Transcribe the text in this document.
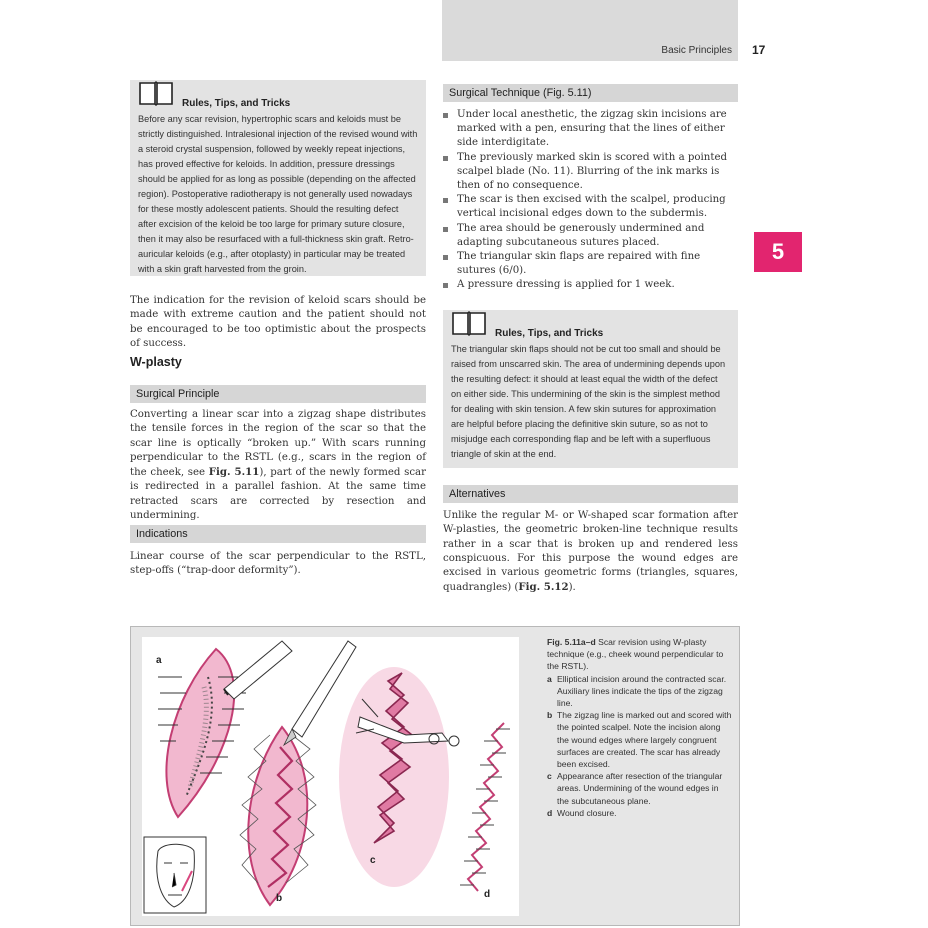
Basic Principles 17
5
Rules, Tips, and Tricks
Before any scar revision, hypertrophic scars and keloids must be strictly distinguished. Intralesional injection of the revised wound with a steroid crystal suspension, followed by weekly repeat injections, has proved effective for keloids. In addition, pressure dressings should be applied for as long as possible (depending on the affected region). Postoperative radiotherapy is not generally used nowadays for these mostly adolescent patients. Should the resulting defect after excision of the keloid be too large for primary suture closure, then it may also be resurfaced with a full-thickness skin graft. Retro-auricular keloids (e.g., after otoplasty) in particular may be treated with a skin graft harvested from the groin.
The indication for the revision of keloid scars should be made with extreme caution and the patient should not be encouraged to be too optimistic about the prospects of success.
W-plasty
Surgical Principle
Converting a linear scar into a zigzag shape distributes the tensile forces in the region of the scar so that the scar line is optically “broken up.” With scars running perpendicular to the RSTL (e.g., scars in the region of the cheek, see Fig. 5.11), part of the newly formed scar is redirected in a parallel fashion. At the same time retracted scars are corrected by resection and undermining.
Indications
Linear course of the scar perpendicular to the RSTL, step-offs (“trap-door deformity”).
Surgical Technique (Fig. 5.11)
Under local anesthetic, the zigzag skin incisions are marked with a pen, ensuring that the lines of either side interdigitate.
The previously marked skin is scored with a pointed scalpel blade (No. 11). Blurring of the ink marks is then of no consequence.
The scar is then excised with the scalpel, producing vertical incisional edges down to the subdermis.
The area should be generously undermined and adapting subcutaneous sutures placed.
The triangular skin flaps are repaired with fine sutures (6/0).
A pressure dressing is applied for 1 week.
Rules, Tips, and Tricks
The triangular skin flaps should not be cut too small and should be raised from unscarred skin. The area of undermining depends upon the resulting defect: it should at least equal the width of the defect on either side. This undermining of the skin is the simplest method for dealing with skin tension. A few skin sutures for approximation are helpful before placing the definitive skin suture, so as not to misjudge each corresponding flap and be left with a superfluous triangle of skin at the end.
Alternatives
Unlike the regular M- or W-shaped scar formation after W-plasties, the geometric broken-line technique results rather in a scar that is broken up and rendered less conspicuous. For this purpose the wound edges are excised in various geometric forms (triangles, squares, quadrangles) (Fig. 5.12).
a
b
c
d
Fig. 5.11a–d Scar revision using W-plasty technique (e.g., cheek wound perpendicular to the RSTL).
a Elliptical incision around the contracted scar. Auxiliary lines indicate the tips of the zigzag line.
b The zigzag line is marked out and scored with the pointed scalpel. Note the incision along the wound edges where largely congruent surfaces are created. The scar has already been excised.
c Appearance after resection of the triangular areas. Undermining of the wound edges in the subcutaneous plane.
d Wound closure.
